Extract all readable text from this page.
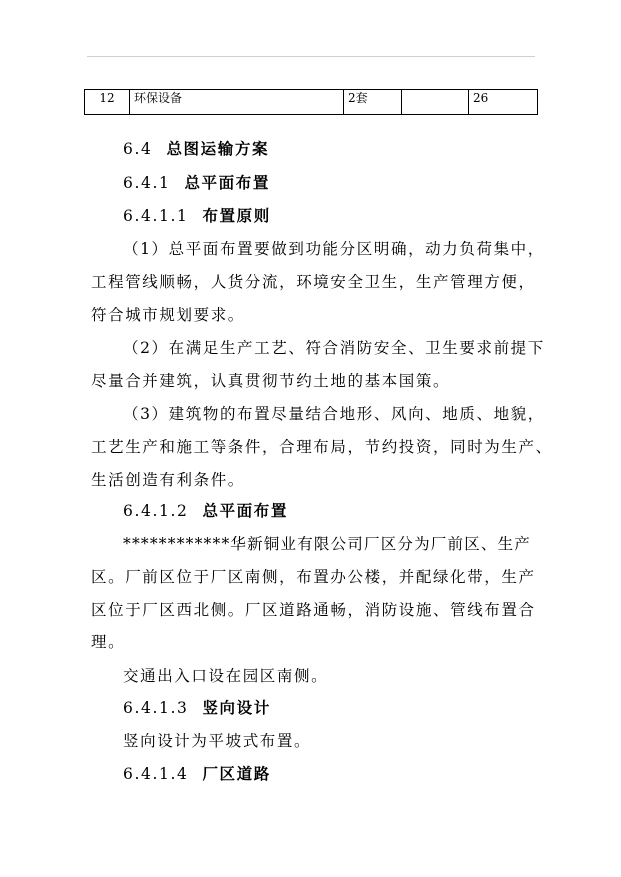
12	环保设备	2套		26
6.4 总图运输方案
6.4.1 总平面布置
6.4.1.1 布置原则
（1）总平面布置要做到功能分区明确，动力负荷集中，
工程管线顺畅，人货分流，环境安全卫生，生产管理方便，
符合城市规划要求。
（2）在满足生产工艺、符合消防安全、卫生要求前提下
尽量合并建筑，认真贯彻节约土地的基本国策。
（3）建筑物的布置尽量结合地形、风向、地质、地貌，
工艺生产和施工等条件，合理布局，节约投资，同时为生产、
生活创造有利条件。
6.4.1.2 总平面布置
************华新铜业有限公司厂区分为厂前区、生产
区。厂前区位于厂区南侧，布置办公楼，并配绿化带，生产
区位于厂区西北侧。厂区道路通畅，消防设施、管线布置合
理。
交通出入口设在园区南侧。
6.4.1.3 竖向设计
竖向设计为平坡式布置。
6.4.1.4 厂区道路
